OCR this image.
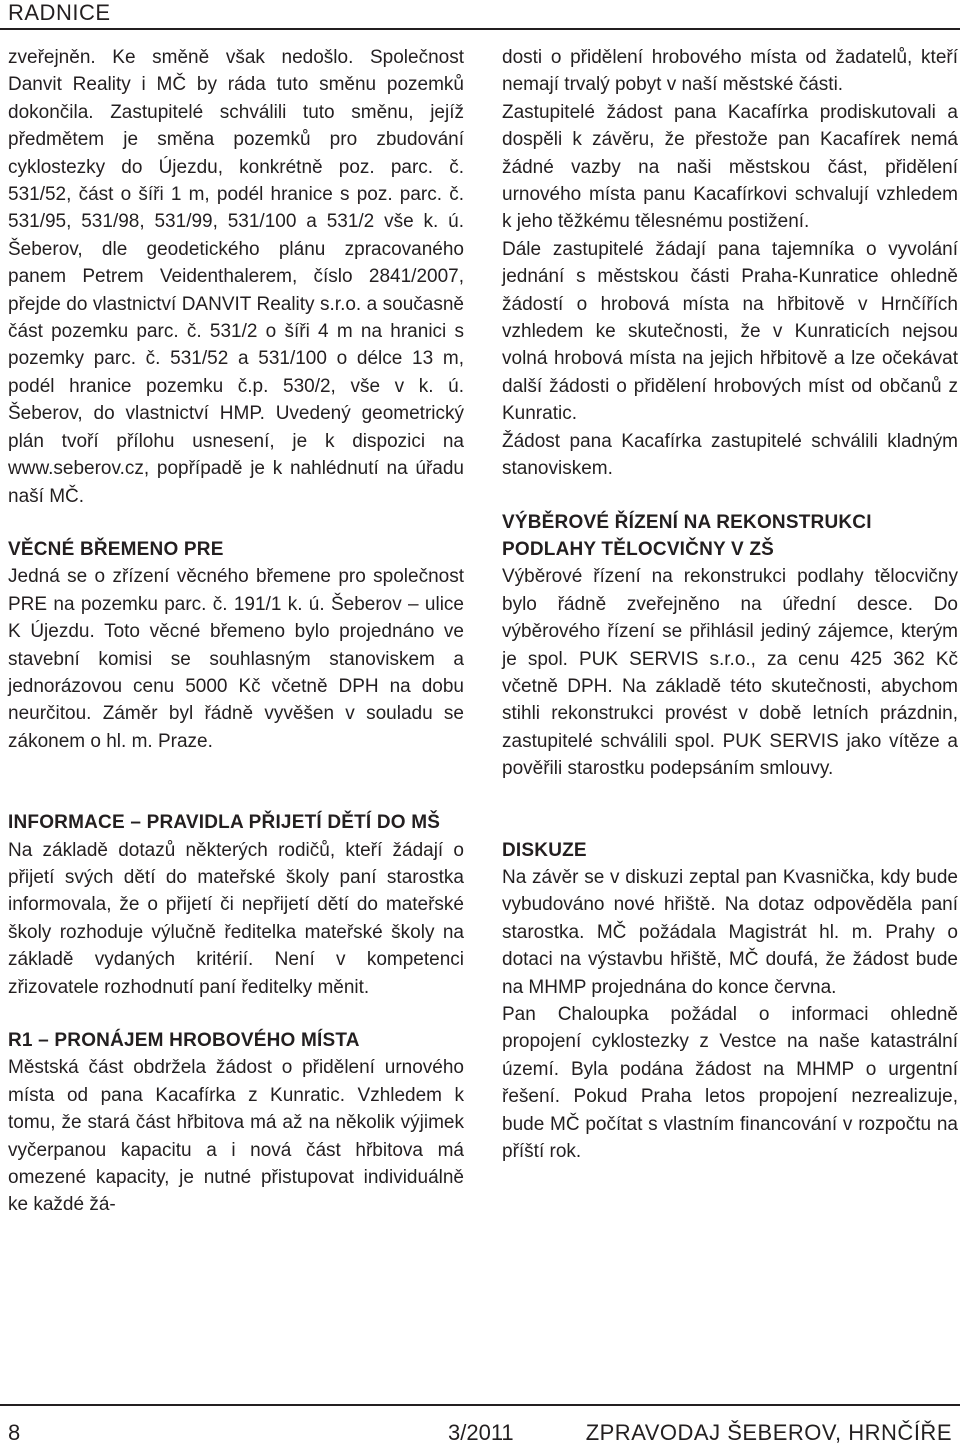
RADNICE

zveřejněn. Ke směně však nedošlo. Společnost Danvit Reality i MČ by ráda tuto směnu pozemků dokončila. Zastupitelé schválili tuto směnu, jejíž předmětem je směna pozemků pro zbudování cyklostezky do Újezdu, konkrétně poz. parc. č. 531/52, část o šíři 1 m, podél hranice s poz. parc. č. 531/95, 531/98, 531/99, 531/100 a 531/2 vše k. ú. Šeberov, dle geodetického plánu zpracovaného panem Petrem Veidenthalerem, číslo 2841/2007, přejde do vlastnictví DANVIT Reality s.r.o. a současně část pozemku parc. č. 531/2 o šíři 4 m na hranici s pozemky parc. č. 531/52 a 531/100 o délce 13 m, podél hranice pozemku č.p. 530/2, vše v k. ú. Šeberov, do vlastnictví HMP. Uvedený geometrický plán tvoří přílohu usnesení, je k dispozici na www.seberov.cz, popřípadě je k nahlédnutí na úřadu naší MČ.

VĚCNÉ BŘEMENO PRE

Jedná se o zřízení věcného břemene pro společnost PRE na pozemku parc. č. 191/1 k. ú. Šeberov – ulice K Újezdu. Toto věcné břemeno bylo projednáno ve stavební komisi se souhlasným stanoviskem a jednorázovou cenu 5000 Kč včetně DPH na dobu neurčitou. Záměr byl řádně vyvěšen v souladu se zákonem o hl. m. Praze.

INFORMACE – PRAVIDLA PŘIJETÍ DĚTÍ DO MŠ

Na základě dotazů některých rodičů, kteří žádají o přijetí svých dětí do mateřské školy paní starostka informovala, že o přijetí či nepřijetí dětí do mateřské školy rozhoduje výlučně ředitelka mateřské školy na základě vydaných kritérií. Není v kompetenci zřizovatele rozhodnutí paní ředitelky měnit.

R1 – PRONÁJEM HROBOVÉHO MÍSTA

Městská část obdržela žádost o přidělení urnového místa od pana Kacafírka z Kunratic. Vzhledem k tomu, že stará část hřbitova má až na několik výjimek vyčerpanou kapacitu a i nová část hřbitova má omezené kapacity, je nutné přistupovat individuálně ke každé žá-

dosti o přidělení hrobového místa od žadatelů, kteří nemají trvalý pobyt v naší městské části.

Zastupitelé žádost pana Kacafírka prodiskutovali a dospěli k závěru, že přestože pan Kacafírek nemá žádné vazby na naši městskou část, přidělení urnového místa panu Kacafírkovi schvalují vzhledem k jeho těžkému tělesnému postižení.

Dále zastupitelé žádají pana tajemníka o vyvolání jednání s městskou části Praha-Kunratice ohledně žádostí o hrobová místa na hřbitově v Hrnčířích vzhledem ke skutečnosti, že v Kunraticích nejsou volná hrobová místa na jejich hřbitově a lze očekávat další žádosti o přidělení hrobových míst od občanů z Kunratic.

Žádost pana Kacafírka zastupitelé schválili kladným stanoviskem.

VÝBĚROVÉ ŘÍZENÍ NA REKONSTRUKCI PODLAHY TĚLOCVIČNY V ZŠ

Výběrové řízení na rekonstrukci podlahy tělocvičny bylo řádně zveřejněno na úřední desce. Do výběrového řízení se přihlásil jediný zájemce, kterým je spol. PUK SERVIS s.r.o., za cenu 425 362 Kč včetně DPH. Na základě této skutečnosti, abychom stihli rekonstrukci provést v době letních prázdnin, zastupitelé schválili spol. PUK SERVIS jako vítěze a pověřili starostku podepsáním smlouvy.

DISKUZE

Na závěr se v diskuzi zeptal pan Kvasnička, kdy bude vybudováno nové hřiště. Na dotaz odpověděla paní starostka. MČ požádala Magistrát hl. m. Prahy o dotaci na výstavbu hřiště, MČ doufá, že žádost bude na MHMP projednána do konce června.

Pan Chaloupka požádal o informaci ohledně propojení cyklostezky z Vestce na naše katastrální území. Byla podána žádost na MHMP o urgentní řešení. Pokud Praha letos propojení nezrealizuje, bude MČ počítat s vlastním financování v rozpočtu na příští rok.

8	3/2011	ZPRAVODAJ ŠEBEROV, HRNČÍŘE
